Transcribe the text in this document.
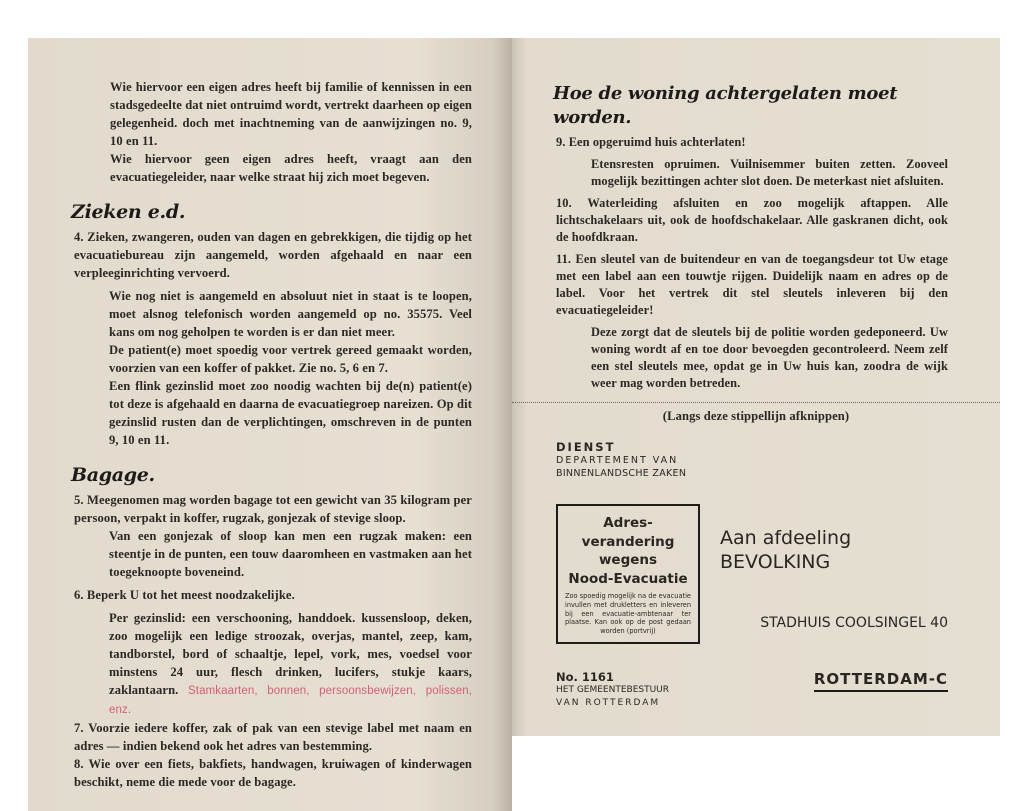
Wie hiervoor een eigen adres heeft bij familie of kennissen in een stadsgedeelte dat niet ontruimd wordt, vertrekt daarheen op eigen gelegenheid. doch met inachtneming van de aanwijzingen no. 9, 10 en 11.

Wie hiervoor geen eigen adres heeft, vraagt aan den evacuatiegeleider, naar welke straat hij zich moet begeven.

Zieken e.d.

4. Zieken, zwangeren, ouden van dagen en gebrekkigen, die tijdig op het evacuatiebureau zijn aangemeld, worden afgehaald en naar een verpleeginrichting vervoerd.

Wie nog niet is aangemeld en absoluut niet in staat is te loopen, moet alsnog telefonisch worden aangemeld op no. 35575. Veel kans om nog geholpen te worden is er dan niet meer.

De patient(e) moet spoedig voor vertrek gereed gemaakt worden, voorzien van een koffer of pakket. Zie no. 5, 6 en 7.

Een flink gezinslid moet zoo noodig wachten bij de(n) patient(e) tot deze is afgehaald en daarna de evacuatiegroep nareizen. Op dit gezinslid rusten dan de verplichtingen, omschreven in de punten 9, 10 en 11.

Bagage.

5. Meegenomen mag worden bagage tot een gewicht van 35 kilogram per persoon, verpakt in koffer, rugzak, gonjezak of stevige sloop.

Van een gonjezak of sloop kan men een rugzak maken: een steentje in de punten, een touw daaromheen en vastmaken aan het toegeknoopte boveneind.

6. Beperk U tot het meest noodzakelijke.

Per gezinslid: een verschooning, handdoek. kussensloop, deken, zoo mogelijk een ledige stroozak, overjas, mantel, zeep, kam, tandborstel, bord of schaaltje, lepel, vork, mes, voedsel voor minstens 24 uur, flesch drinken, lucifers, stukje kaars, zaklantaarn. Stamkaarten, bonnen, persoonsbewijzen, polissen, enz.

7. Voorzie iedere koffer, zak of pak van een stevige label met naam en adres — indien bekend ook het adres van bestemming.

8. Wie over een fiets, bakfiets, handwagen, kruiwagen of kinderwagen beschikt, neme die mede voor de bagage.

Hoe de woning achtergelaten moet worden.

9. Een opgeruimd huis achterlaten!

Etensresten opruimen. Vuilnisemmer buiten zetten. Zooveel mogelijk bezittingen achter slot doen. De meterkast niet afsluiten.

10. Waterleiding afsluiten en zoo mogelijk aftappen. Alle lichtschakelaars uit, ook de hoofdschakelaar. Alle gaskranen dicht, ook de hoofdkraan.

11. Een sleutel van de buitendeur en van de toegangsdeur tot Uw etage met een label aan een touwtje rijgen. Duidelijk naam en adres op de label. Voor het vertrek dit stel sleutels inleveren bij den evacuatiegeleider!

Deze zorgt dat de sleutels bij de politie worden gedeponeerd. Uw woning wordt af en toe door bevoegden gecontroleerd. Neem zelf een stel sleutels mee, opdat ge in Uw huis kan, zoodra de wijk weer mag worden betreden.

(Langs deze stippellijn afknippen)
DIENST
DEPARTEMENT VAN
BINNENLANDSCHE ZAKEN
Adres-
verandering
wegens
Nood-Evacuatie
Zoo spoedig mogelijk na de evacuatie invullen met drukletters en inleveren bij een evacuatie-ambtenaar ter plaatse. Kan ook op de post gedaan worden (portvrij)
Aan afdeeling BEVOLKING
STADHUIS COOLSINGEL 40
No. 1161
HET GEMEENTEBESTUUR
VAN ROTTERDAM
ROTTERDAM-C
